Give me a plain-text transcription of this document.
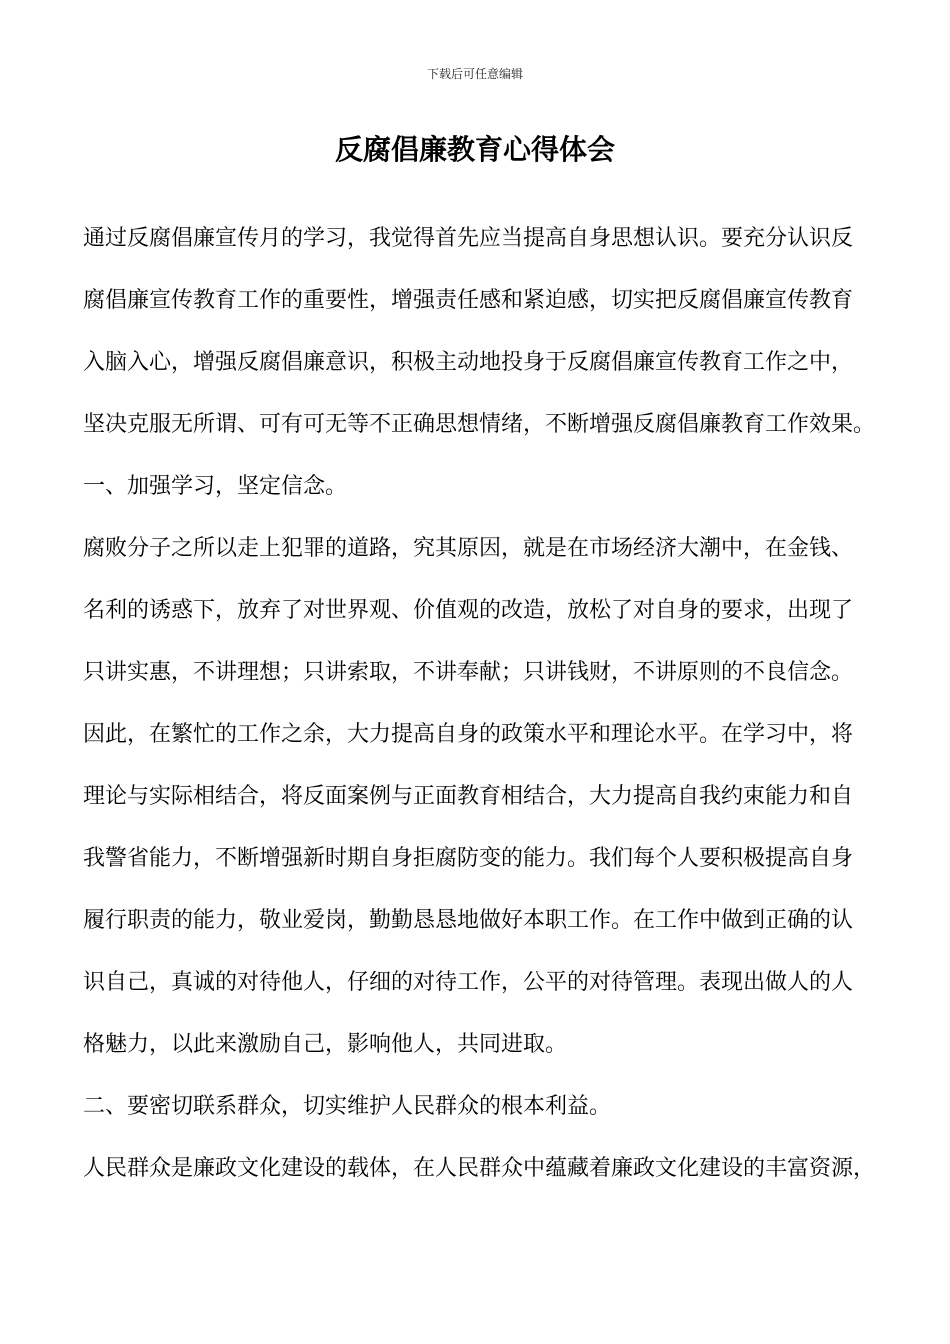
下载后可任意编辑
反腐倡廉教育心得体会
通过反腐倡廉宣传月的学习，我觉得首先应当提高自身思想认识。要充分认识反
腐倡廉宣传教育工作的重要性，增强责任感和紧迫感，切实把反腐倡廉宣传教育
入脑入心，增强反腐倡廉意识，积极主动地投身于反腐倡廉宣传教育工作之中，
坚决克服无所谓、可有可无等不正确思想情绪，不断增强反腐倡廉教育工作效果。
一、加强学习，坚定信念。
腐败分子之所以走上犯罪的道路，究其原因，就是在市场经济大潮中，在金钱、
名利的诱惑下，放弃了对世界观、价值观的改造，放松了对自身的要求，出现了
只讲实惠，不讲理想；只讲索取，不讲奉献；只讲钱财，不讲原则的不良信念。
因此，在繁忙的工作之余，大力提高自身的政策水平和理论水平。在学习中，将
理论与实际相结合，将反面案例与正面教育相结合，大力提高自我约束能力和自
我警省能力，不断增强新时期自身拒腐防变的能力。我们每个人要积极提高自身
履行职责的能力，敬业爱岗，勤勤恳恳地做好本职工作。在工作中做到正确的认
识自己，真诚的对待他人，仔细的对待工作，公平的对待管理。表现出做人的人
格魅力，以此来激励自己，影响他人，共同进取。
二、要密切联系群众，切实维护人民群众的根本利益。
人民群众是廉政文化建设的载体，在人民群众中蕴藏着廉政文化建设的丰富资源，
